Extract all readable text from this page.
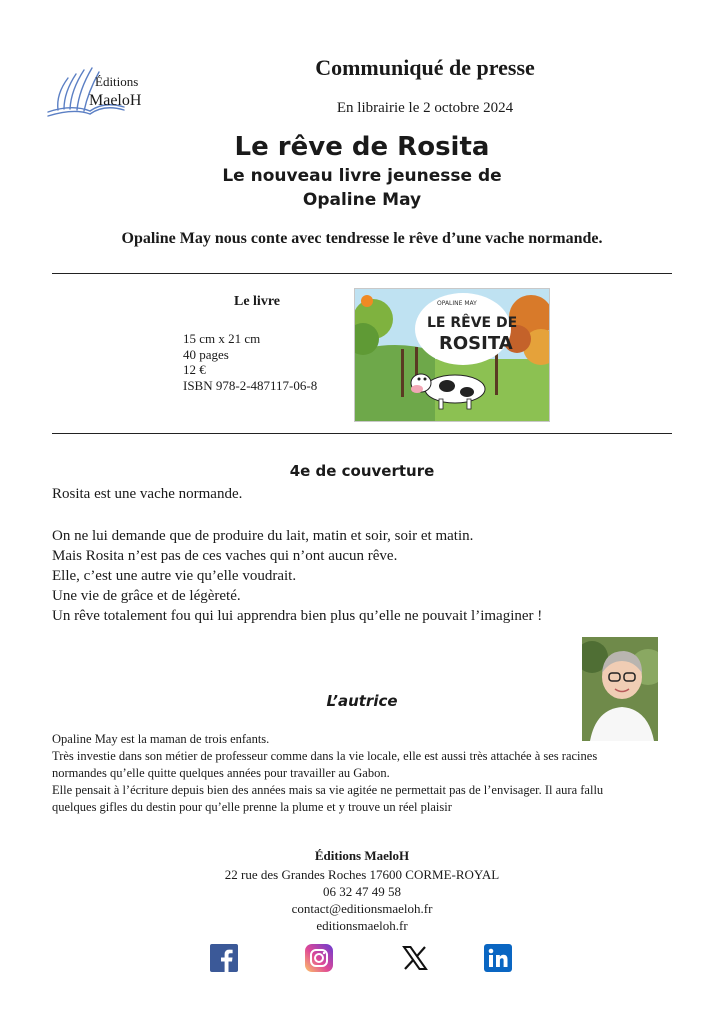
Éditions
MaeloH
Communiqué de presse
En librairie le 2 octobre 2024
Le rêve de Rosita
Le nouveau livre jeunesse de
Opaline May
Opaline May nous conte avec tendresse le rêve d’une vache normande.
Le livre
15 cm x 21 cm
40 pages
12 €
ISBN 978-2-487117-06-8
OPALINE MAY
LE RÊVE DE
ROSITA
4e de couverture
Rosita est une vache normande.
On ne lui demande que de produire du lait, matin et soir, soir et matin.
Mais Rosita n’est pas de ces vaches qui n’ont aucun rêve.
Elle, c’est une autre vie qu’elle voudrait.
Une vie de grâce et de légèreté.
Un rêve totalement fou qui lui apprendra bien plus qu’elle ne pouvait l’imaginer !
L’autrice
Opaline May est la maman de trois enfants.
Très investie dans son métier de professeur comme dans la vie locale, elle est aussi très attachée à ses racines
normandes qu’elle quitte quelques années pour travailler au Gabon.
Elle pensait à l’écriture depuis bien des années mais sa vie agitée ne permettait pas de l’envisager. Il aura fallu
quelques gifles du destin pour qu’elle prenne la plume et y trouve un réel plaisir
Éditions MaeloH
22 rue des Grandes Roches 17600 CORME-ROYAL
06 32 47 49 58
contact@editionsmaeloh.fr
editionsmaeloh.fr
